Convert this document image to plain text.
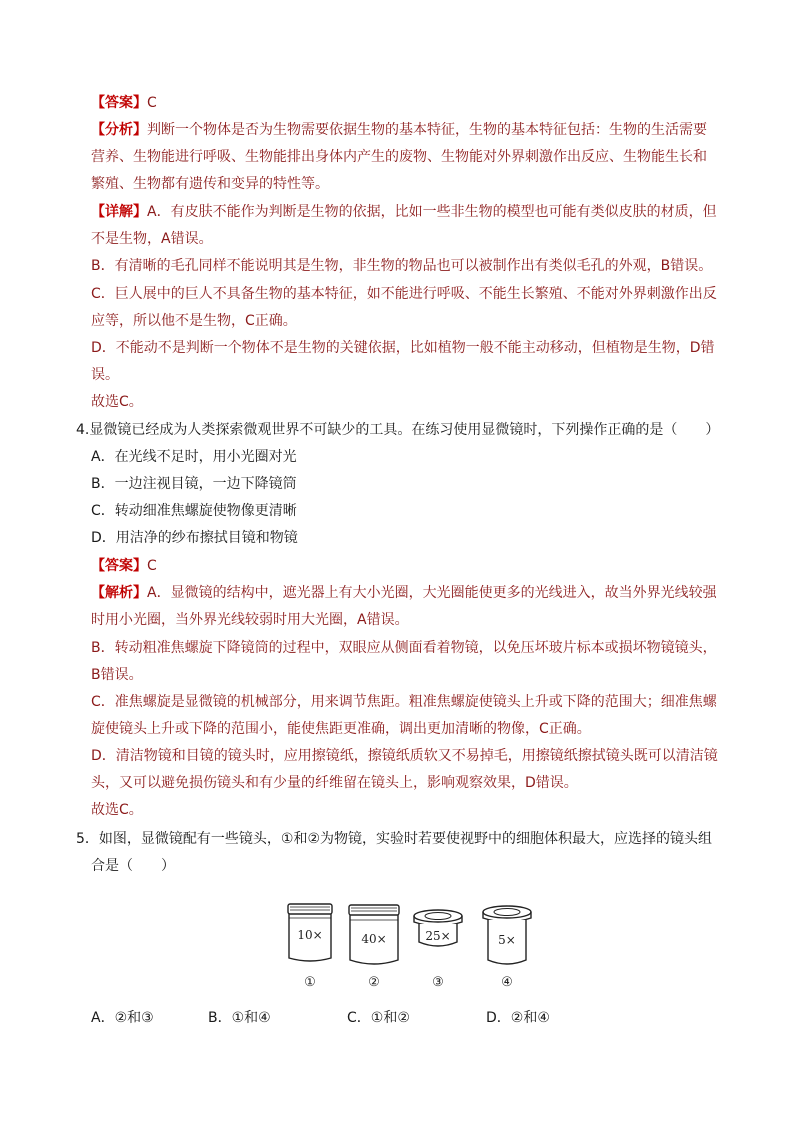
【答案】C
【分析】判断一个物体是否为生物需要依据生物的基本特征，生物的基本特征包括：生物的生活需要
营养、生物能进行呼吸、生物能排出身体内产生的废物、生物能对外界刺激作出反应、生物能生长和
繁殖、生物都有遗传和变异的特性等。
【详解】A．有皮肤不能作为判断是生物的依据，比如一些非生物的模型也可能有类似皮肤的材质，但
不是生物，A错误。
B．有清晰的毛孔同样不能说明其是生物，非生物的物品也可以被制作出有类似毛孔的外观，B错误。
C．巨人展中的巨人不具备生物的基本特征，如不能进行呼吸、不能生长繁殖、不能对外界刺激作出反
应等，所以他不是生物，C正确。
D．不能动不是判断一个物体不是生物的关键依据，比如植物一般不能主动移动，但植物是生物，D错
误。
故选C。
4.显微镜已经成为人类探索微观世界不可缺少的工具。在练习使用显微镜时，下列操作正确的是（　　）
A．在光线不足时，用小光圈对光
B．一边注视目镜，一边下降镜筒
C．转动细准焦螺旋使物像更清晰
D．用洁净的纱布擦拭目镜和物镜
【答案】C
【解析】A．显微镜的结构中，遮光器上有大小光圈，大光圈能使更多的光线进入，故当外界光线较强
时用小光圈，当外界光线较弱时用大光圈，A错误。
B．转动粗准焦螺旋下降镜筒的过程中，双眼应从侧面看着物镜，以免压坏玻片标本或损坏物镜镜头，
B错误。
C．准焦螺旋是显微镜的机械部分，用来调节焦距。粗准焦螺旋使镜头上升或下降的范围大；细准焦螺
旋使镜头上升或下降的范围小，能使焦距更准确，调出更加清晰的物像，C正确。
D．清洁物镜和目镜的镜头时，应用擦镜纸，擦镜纸质软又不易掉毛，用擦镜纸擦拭镜头既可以清洁镜
头，又可以避免损伤镜头和有少量的纤维留在镜头上，影响观察效果，D错误。
故选C。
5．如图，显微镜配有一些镜头，①和②为物镜，实验时若要使视野中的细胞体积最大，应选择的镜头组
合是（　　）
10×
①
40×
②
25×
③
5×
④
A．②和③	B．①和④	C．①和②	D．②和④
